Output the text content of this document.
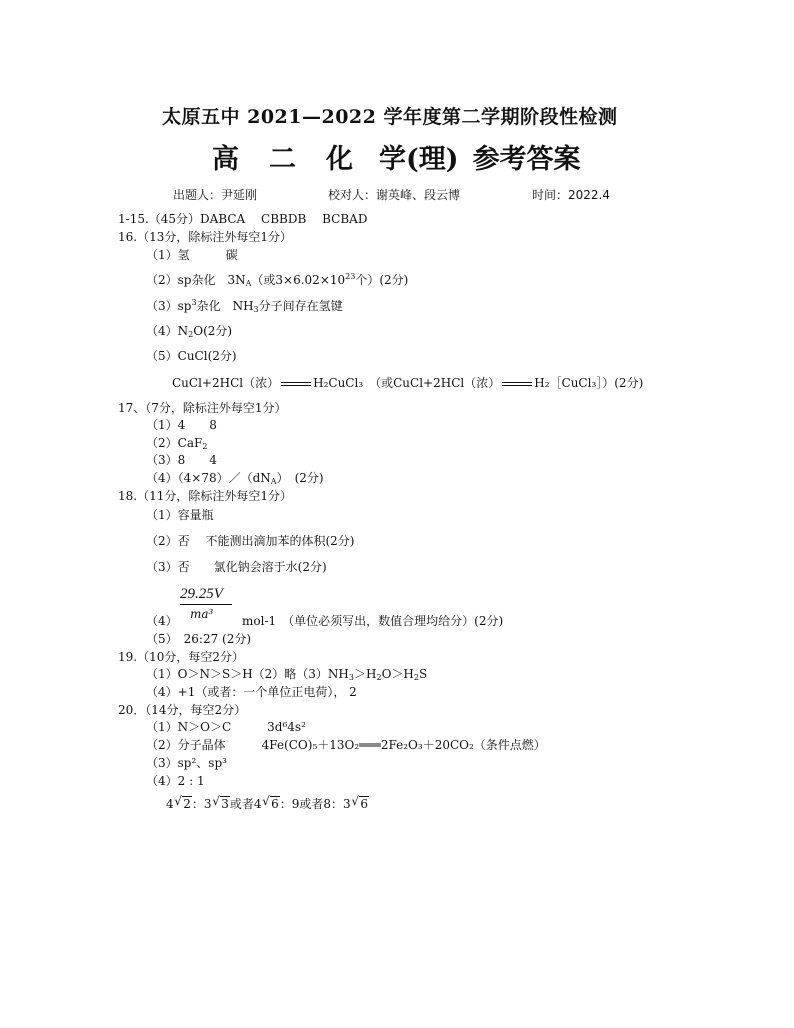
太原五中 2021—2022 学年度第二学期阶段性检测
高 二 化 学(理) 参考答案
出题人：尹延刚	校对人：谢英峰、段云博	时间：2022.4
1-15.（45分）DABCA　 CBBDB　 BCBAD
16.（13分，除标注外每空1分）
（1）氢　　　碳
（2）sp杂化　$3N_A$（或$3\times 6.02\times 10^{23}$个）(2分)
$(3)sp^3$杂化　$NH_3$分子间存在氢键
$(4)N_2O(2$分)
（5）CuCl(2分)
CuCl+2HCl（浓）	H₂CuCl₃　（或CuCl+2HCl（浓）	H₂［CuCl₃］）(2分)
17、（7分，除标注外每空1分）
（1）4　　8
（2）CaF$_2$
（3）8　　4
$(4)(4\times 78)/(dN_A)$　(2分)
18.（11分，除标注外每空1分）
（1）容量瓶
（2）否　 不能测出滴加苯的体积(2分)
（3）否　　氯化钠会溶于水(2分)
29.25V
ma³
（4）	mol-1　 （单位必须写出，数值合理均给分）(2分)
（5）　26:27 (2分)
19.（10分，每空2分）
（1）O＞N＞S＞H（2）略$(3)NH_3>H_2O>H_2S$
（4）+1（或者：一个单位正电荷）， 2
20．（14分，每空2分）
（1）N＞O＞C　　　3d⁶4s²
（2）分子晶体　　　4Fe(CO)₅＋13O₂═══2Fe₂O₃＋20CO₂（条件点燃）
（3）sp²、sp³
（4）2 : 1
4 √ 2：3 √ 3或者4 √ 6：9或者8：3 √ 6
